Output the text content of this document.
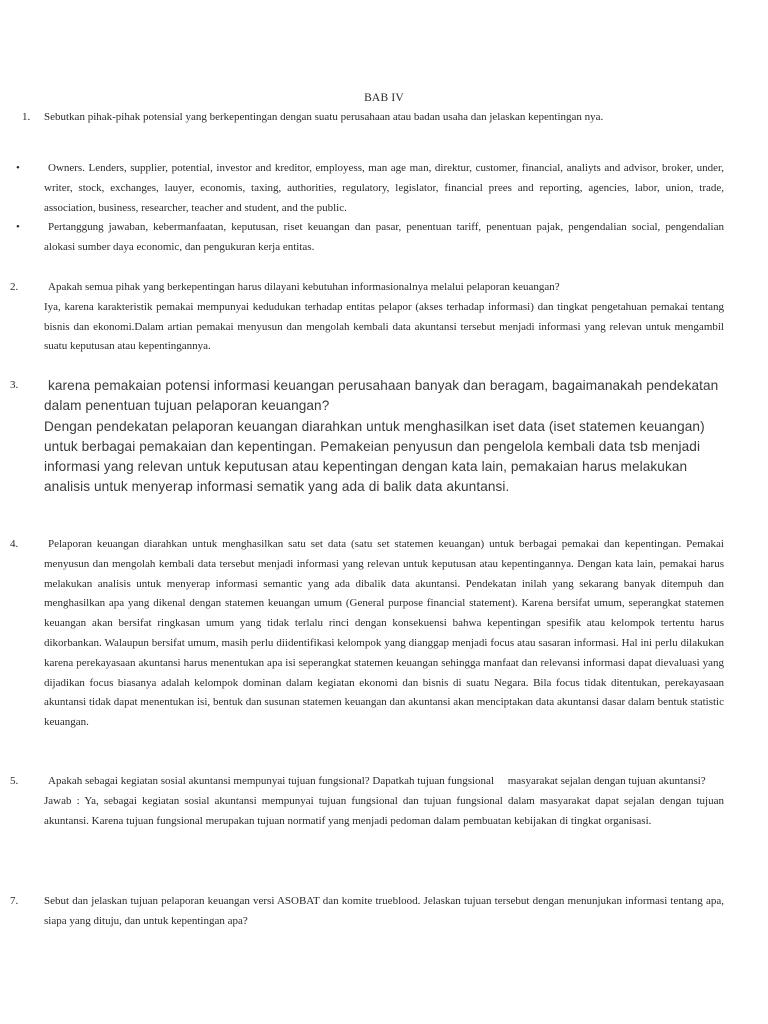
BAB IV
1. Sebutkan pihak-pihak potensial yang berkepentingan dengan suatu perusahaan atau badan usaha dan jelaskan kepentingan nya.

•	Owners. Lenders, supplier, potential, investor and kreditor, employess, man age man, direktur, customer, financial, analiyts and advisor, broker, under, writer, stock, exchanges, lauyer, economis, taxing, authorities, regulatory, legislator, financial prees and reporting, agencies, labor, union, trade, association, business, researcher, teacher and student, and the public.

•	Pertanggung jawaban, kebermanfaatan, keputusan, riset keuangan dan pasar, penentuan tariff, penentuan pajak, pengendalian social, pengendalian alokasi sumber daya economic, dan pengukuran kerja entitas.

2.	Apakah semua pihak yang berkepentingan harus dilayani kebutuhan informasionalnya melalui pelaporan keuangan?

Iya, karena karakteristik pemakai mempunyai kedudukan terhadap entitas pelapor (akses terhadap informasi) dan tingkat pengetahuan pemakai tentang bisnis dan ekonomi.Dalam artian pemakai menyusun dan mengolah kembali data akuntansi tersebut menjadi informasi yang relevan untuk mengambil suatu keputusan atau kepentingannya.

3. karena pemakaian potensi informasi keuangan perusahaan banyak dan beragam, bagaimanakah pendekatan dalam penentuan tujuan pelaporan keuangan?

Dengan pendekatan pelaporan keuangan diarahkan untuk menghasilkan iset data (iset statemen keuangan) untuk berbagai pemakaian dan kepentingan. Pemakeian penyusun dan pengelola kembali data tsb menjadi informasi yang relevan untuk keputusan atau kepentingan dengan kata lain, pemakaian harus melakukan analisis untuk menyerap informasi sematik yang ada di balik data akuntansi.

4.	Pelaporan keuangan diarahkan untuk menghasilkan satu set data (satu set statemen keuangan) untuk berbagai pemakai dan kepentingan. Pemakai menyusun dan mengolah kembali data tersebut menjadi informasi yang relevan untuk keputusan atau kepentingannya. Dengan kata lain, pemakai harus melakukan analisis untuk menyerap informasi semantic yang ada dibalik data akuntansi. Pendekatan inilah yang sekarang banyak ditempuh dan menghasilkan apa yang dikenal dengan statemen keuangan umum (General purpose financial statement). Karena bersifat umum, seperangkat statemen keuangan akan bersifat ringkasan umum yang tidak terlalu rinci dengan konsekuensi bahwa kepentingan spesifik atau kelompok tertentu harus dikorbankan. Walaupun bersifat umum, masih perlu diidentifikasi kelompok yang dianggap menjadi focus atau sasaran informasi. Hal ini perlu dilakukan karena perekayasaan akuntansi harus menentukan apa isi seperangkat statemen keuangan sehingga manfaat dan relevansi informasi dapat dievaluasi yang dijadikan focus biasanya adalah kelompok dominan dalam kegiatan ekonomi dan bisnis di suatu Negara. Bila focus tidak ditentukan, perekayasaan akuntansi tidak dapat menentukan isi, bentuk dan susunan statemen keuangan dan akuntansi akan menciptakan data akuntansi dasar dalam bentuk statistic keuangan.

5.	Apakah sebagai kegiatan sosial akuntansi mempunyai tujuan fungsional? Dapatkah tujuan fungsional     masyarakat sejalan dengan tujuan akuntansi?

Jawab : Ya, sebagai kegiatan sosial akuntansi mempunyai tujuan fungsional dan tujuan fungsional dalam masyarakat dapat sejalan dengan tujuan akuntansi. Karena tujuan fungsional merupakan tujuan normatif yang menjadi pedoman dalam pembuatan kebijakan di tingkat organisasi.

7. Sebut dan jelaskan tujuan pelaporan keuangan versi ASOBAT dan komite trueblood. Jelaskan tujuan tersebut dengan menunjukan informasi tentang apa, siapa yang dituju, dan untuk kepentingan apa?
